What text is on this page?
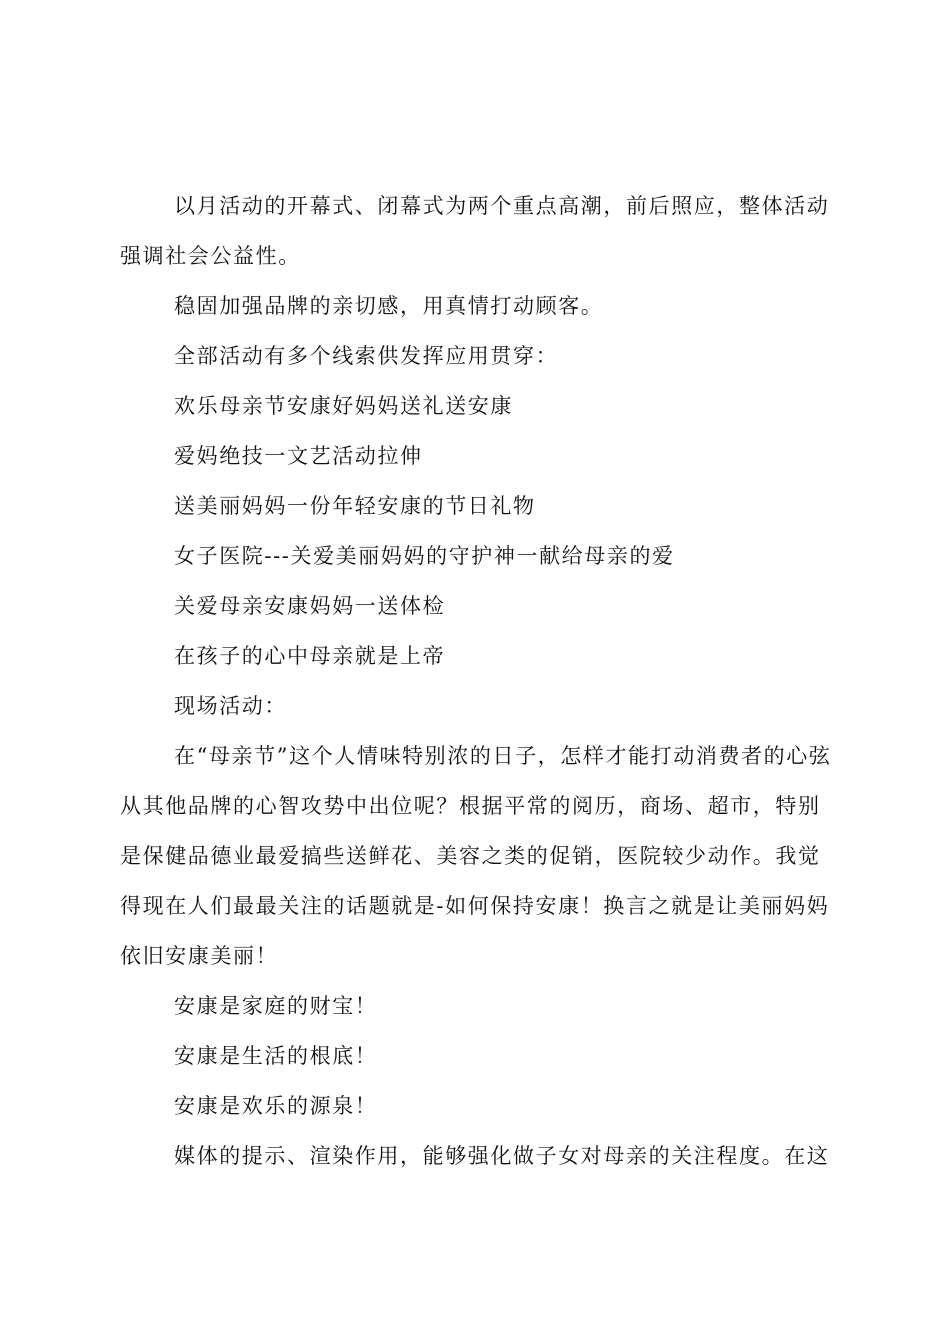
以月活动的开幕式、闭幕式为两个重点高潮，前后照应，整体活动强调社会公益性。

稳固加强品牌的亲切感，用真情打动顾客。

全部活动有多个线索供发挥应用贯穿：

欢乐母亲节安康好妈妈送礼送安康

爱妈绝技一文艺活动拉伸

送美丽妈妈一份年轻安康的节日礼物

女子医院---关爱美丽妈妈的守护神一献给母亲的爱

关爱母亲安康妈妈一送体检

在孩子的心中母亲就是上帝

现场活动：

在“母亲节”这个人情味特别浓的日子，怎样才能打动消费者的心弦从其他品牌的心智攻势中出位呢？根据平常的阅历，商场、超市，特别是保健品德业最爱搞些送鲜花、美容之类的促销，医院较少动作。我觉得现在人们最最关注的话题就是-如何保持安康！换言之就是让美丽妈妈依旧安康美丽！

安康是家庭的财宝！

安康是生活的根底！

安康是欢乐的源泉！

媒体的提示、渲染作用，能够强化做子女对母亲的关注程度。在这
